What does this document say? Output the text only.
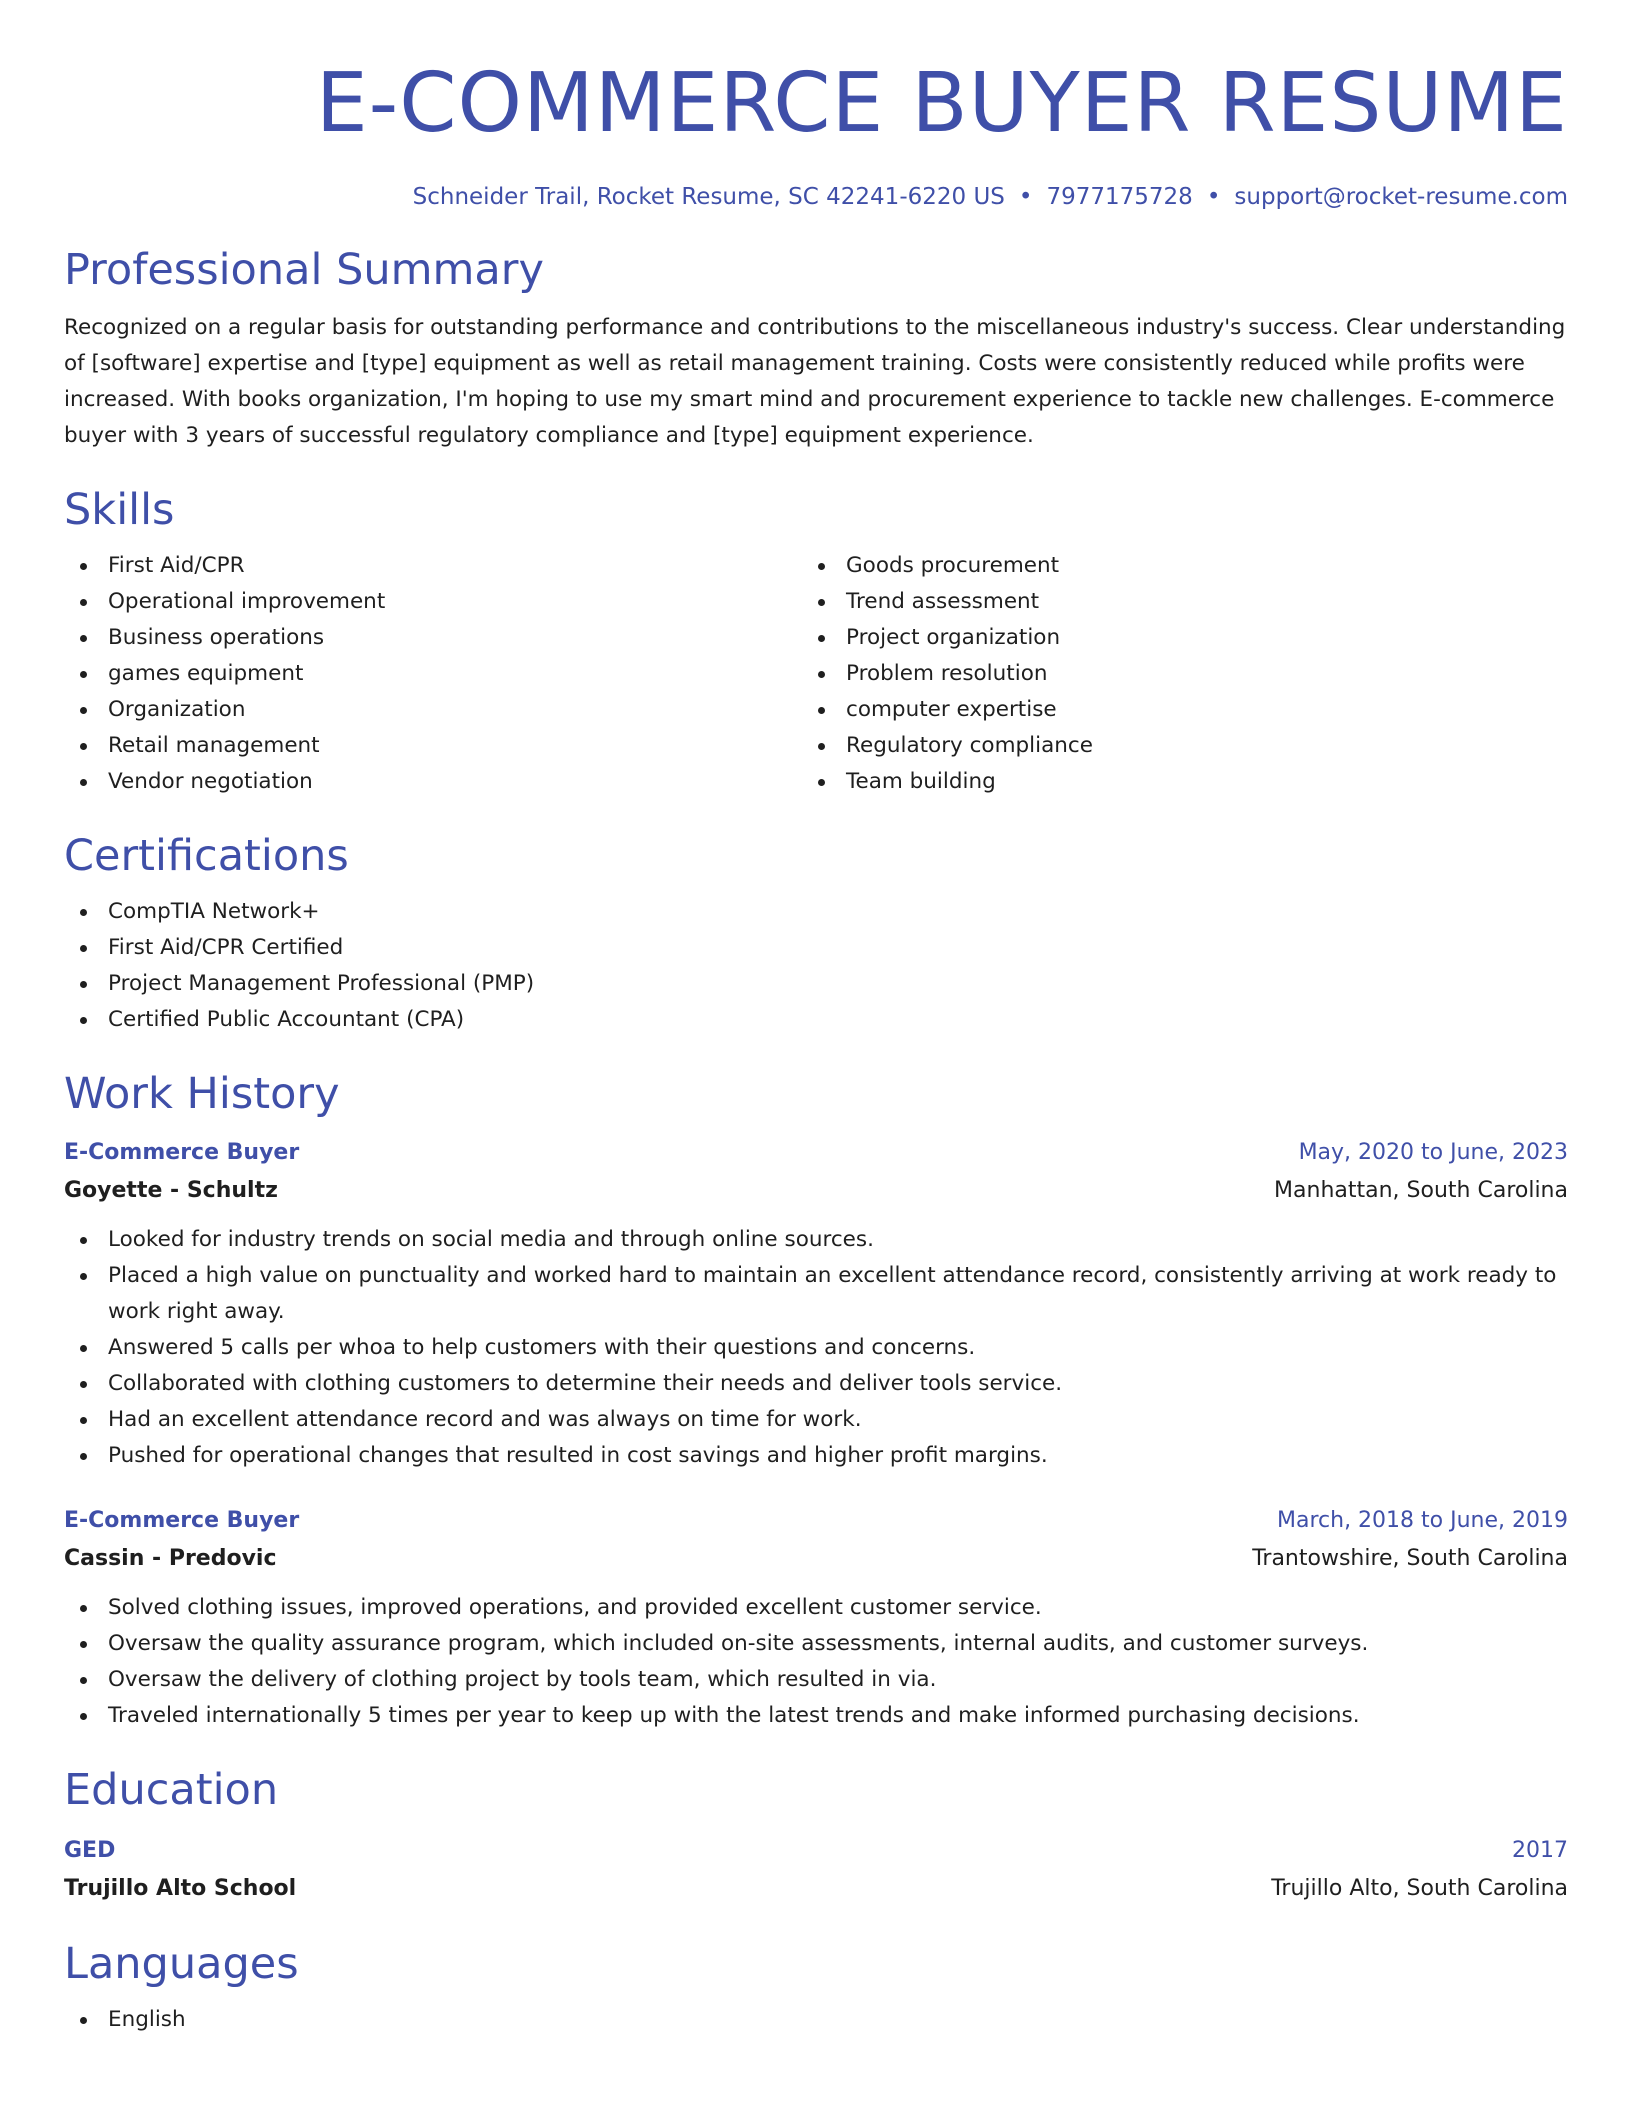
E-COMMERCE BUYER RESUME
Schneider Trail, Rocket Resume, SC 42241-6220 US • 7977175728 • support@rocket-resume.com
Professional Summary
Recognized on a regular basis for outstanding performance and contributions to the miscellaneous industry's success. Clear understanding of [software] expertise and [type] equipment as well as retail management training. Costs were consistently reduced while profits were increased. With books organization, I'm hoping to use my smart mind and procurement experience to tackle new challenges. E-commerce buyer with 3 years of successful regulatory compliance and [type] equipment experience.
Skills
First Aid/CPR
Operational improvement
Business operations
games equipment
Organization
Retail management
Vendor negotiation
Goods procurement
Trend assessment
Project organization
Problem resolution
computer expertise
Regulatory compliance
Team building
Certifications
CompTIA Network+
First Aid/CPR Certified
Project Management Professional (PMP)
Certified Public Accountant (CPA)
Work History
E-Commerce Buyer	May, 2020 to June, 2023
Goyette - Schultz	Manhattan, South Carolina
Looked for industry trends on social media and through online sources.
Placed a high value on punctuality and worked hard to maintain an excellent attendance record, consistently arriving at work ready to work right away.
Answered 5 calls per whoa to help customers with their questions and concerns.
Collaborated with clothing customers to determine their needs and deliver tools service.
Had an excellent attendance record and was always on time for work.
Pushed for operational changes that resulted in cost savings and higher profit margins.
E-Commerce Buyer	March, 2018 to June, 2019
Cassin - Predovic	Trantowshire, South Carolina
Solved clothing issues, improved operations, and provided excellent customer service.
Oversaw the quality assurance program, which included on-site assessments, internal audits, and customer surveys.
Oversaw the delivery of clothing project by tools team, which resulted in via.
Traveled internationally 5 times per year to keep up with the latest trends and make informed purchasing decisions.
Education
GED	2017
Trujillo Alto School	Trujillo Alto, South Carolina
Languages
English
